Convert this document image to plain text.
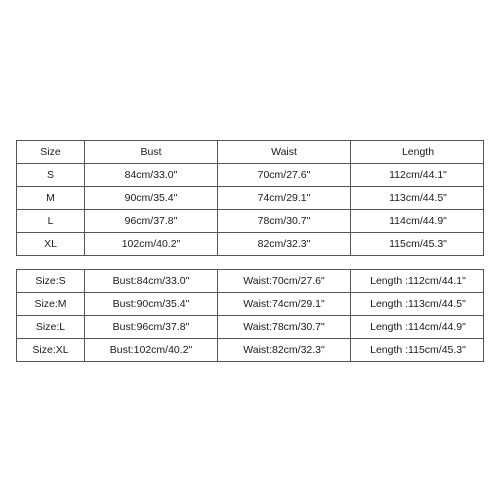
Size	Bust	Waist	Length
S	84cm/33.0"	70cm/27.6"	112cm/44.1"
M	90cm/35.4"	74cm/29.1"	113cm/44.5"
L	96cm/37.8"	78cm/30.7"	114cm/44.9"
XL	102cm/40.2"	82cm/32.3"	115cm/45.3"
Size:S	Bust:84cm/33.0"	Waist:70cm/27.6"	Length :112cm/44.1"
Size:M	Bust:90cm/35.4"	Waist:74cm/29.1"	Length :113cm/44.5"
Size:L	Bust:96cm/37.8"	Waist:78cm/30.7"	Length :114cm/44.9"
Size:XL	Bust:102cm/40.2"	Waist:82cm/32.3"	Length :115cm/45.3"
